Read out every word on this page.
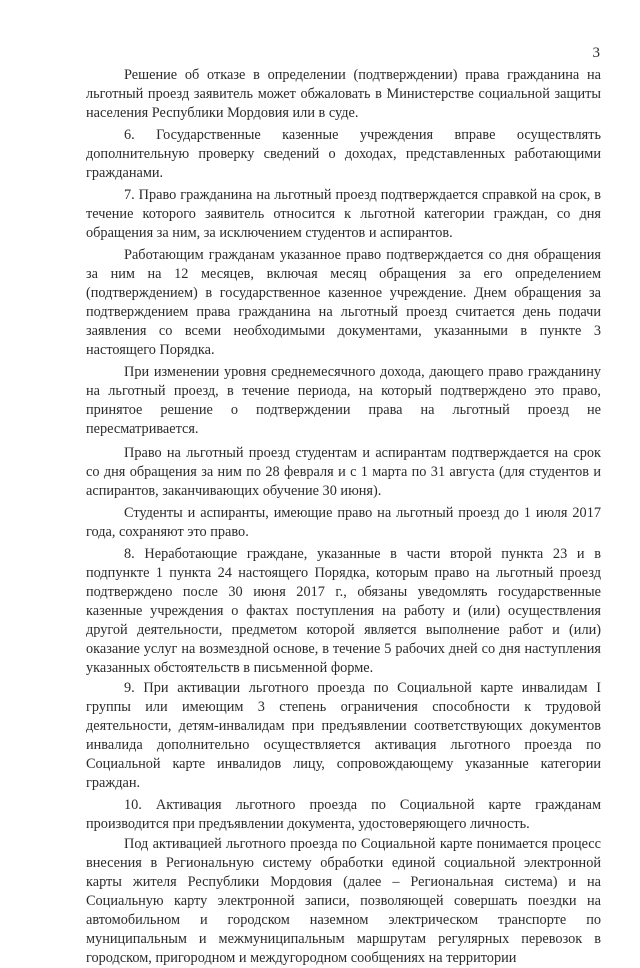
3

Решение об отказе в определении (подтверждении) права гражданина на льготный проезд заявитель может обжаловать в Министерстве социальной защиты населения Республики Мордовия или в суде.

6. Государственные казенные учреждения вправе осуществлять дополнительную проверку сведений о доходах, представленных работающими гражданами.

7. Право гражданина на льготный проезд подтверждается справкой на срок, в течение которого заявитель относится к льготной категории граждан, со дня обращения за ним, за исключением студентов и аспирантов.

Работающим гражданам указанное право подтверждается со дня обращения за ним на 12 месяцев, включая месяц обращения за его определением (подтверждением) в государственное казенное учреждение. Днем обращения за подтверждением права гражданина на льготный проезд считается день подачи заявления со всеми необходимыми документами, указанными в пункте 3 настоящего Порядка.

При изменении уровня среднемесячного дохода, дающего право гражданину на льготный проезд, в течение периода, на который подтверждено это право, принятое решение о подтверждении права на льготный проезд не пересматривается.

Право на льготный проезд студентам и аспирантам подтверждается на срок со дня обращения за ним по 28 февраля и с 1 марта по 31 августа (для студентов и аспирантов, заканчивающих обучение 30 июня).

Студенты и аспиранты, имеющие право на льготный проезд до 1 июля 2017 года, сохраняют это право.

8. Неработающие граждане, указанные в части второй пункта 23 и в подпункте 1 пункта 24 настоящего Порядка, которым право на льготный проезд подтверждено после 30 июня 2017 г., обязаны уведомлять государственные казенные учреждения о фактах поступления на работу и (или) осуществления другой деятельности, предметом которой является выполнение работ и (или) оказание услуг на возмездной основе, в течение 5 рабочих дней со дня наступления указанных обстоятельств в письменной форме.

9. При активации льготного проезда по Социальной карте инвалидам I группы или имеющим 3 степень ограничения способности к трудовой деятельности, детям-инвалидам при предъявлении соответствующих документов инвалида дополнительно осуществляется активация льготного проезда по Социальной карте инвалидов лицу, сопровождающему указанные категории граждан.

10. Активация льготного проезда по Социальной карте гражданам производится при предъявлении документа, удостоверяющего личность.

Под активацией льготного проезда по Социальной карте понимается процесс внесения в Региональную систему обработки единой социальной электронной карты жителя Республики Мордовия (далее – Региональная система) и на Социальную карту электронной записи, позволяющей совершать поездки на автомобильном и городском наземном электрическом транспорте по муниципальным и межмуниципальным маршрутам регулярных перевозок в городском, пригородном и междугородном сообщениях на территории
